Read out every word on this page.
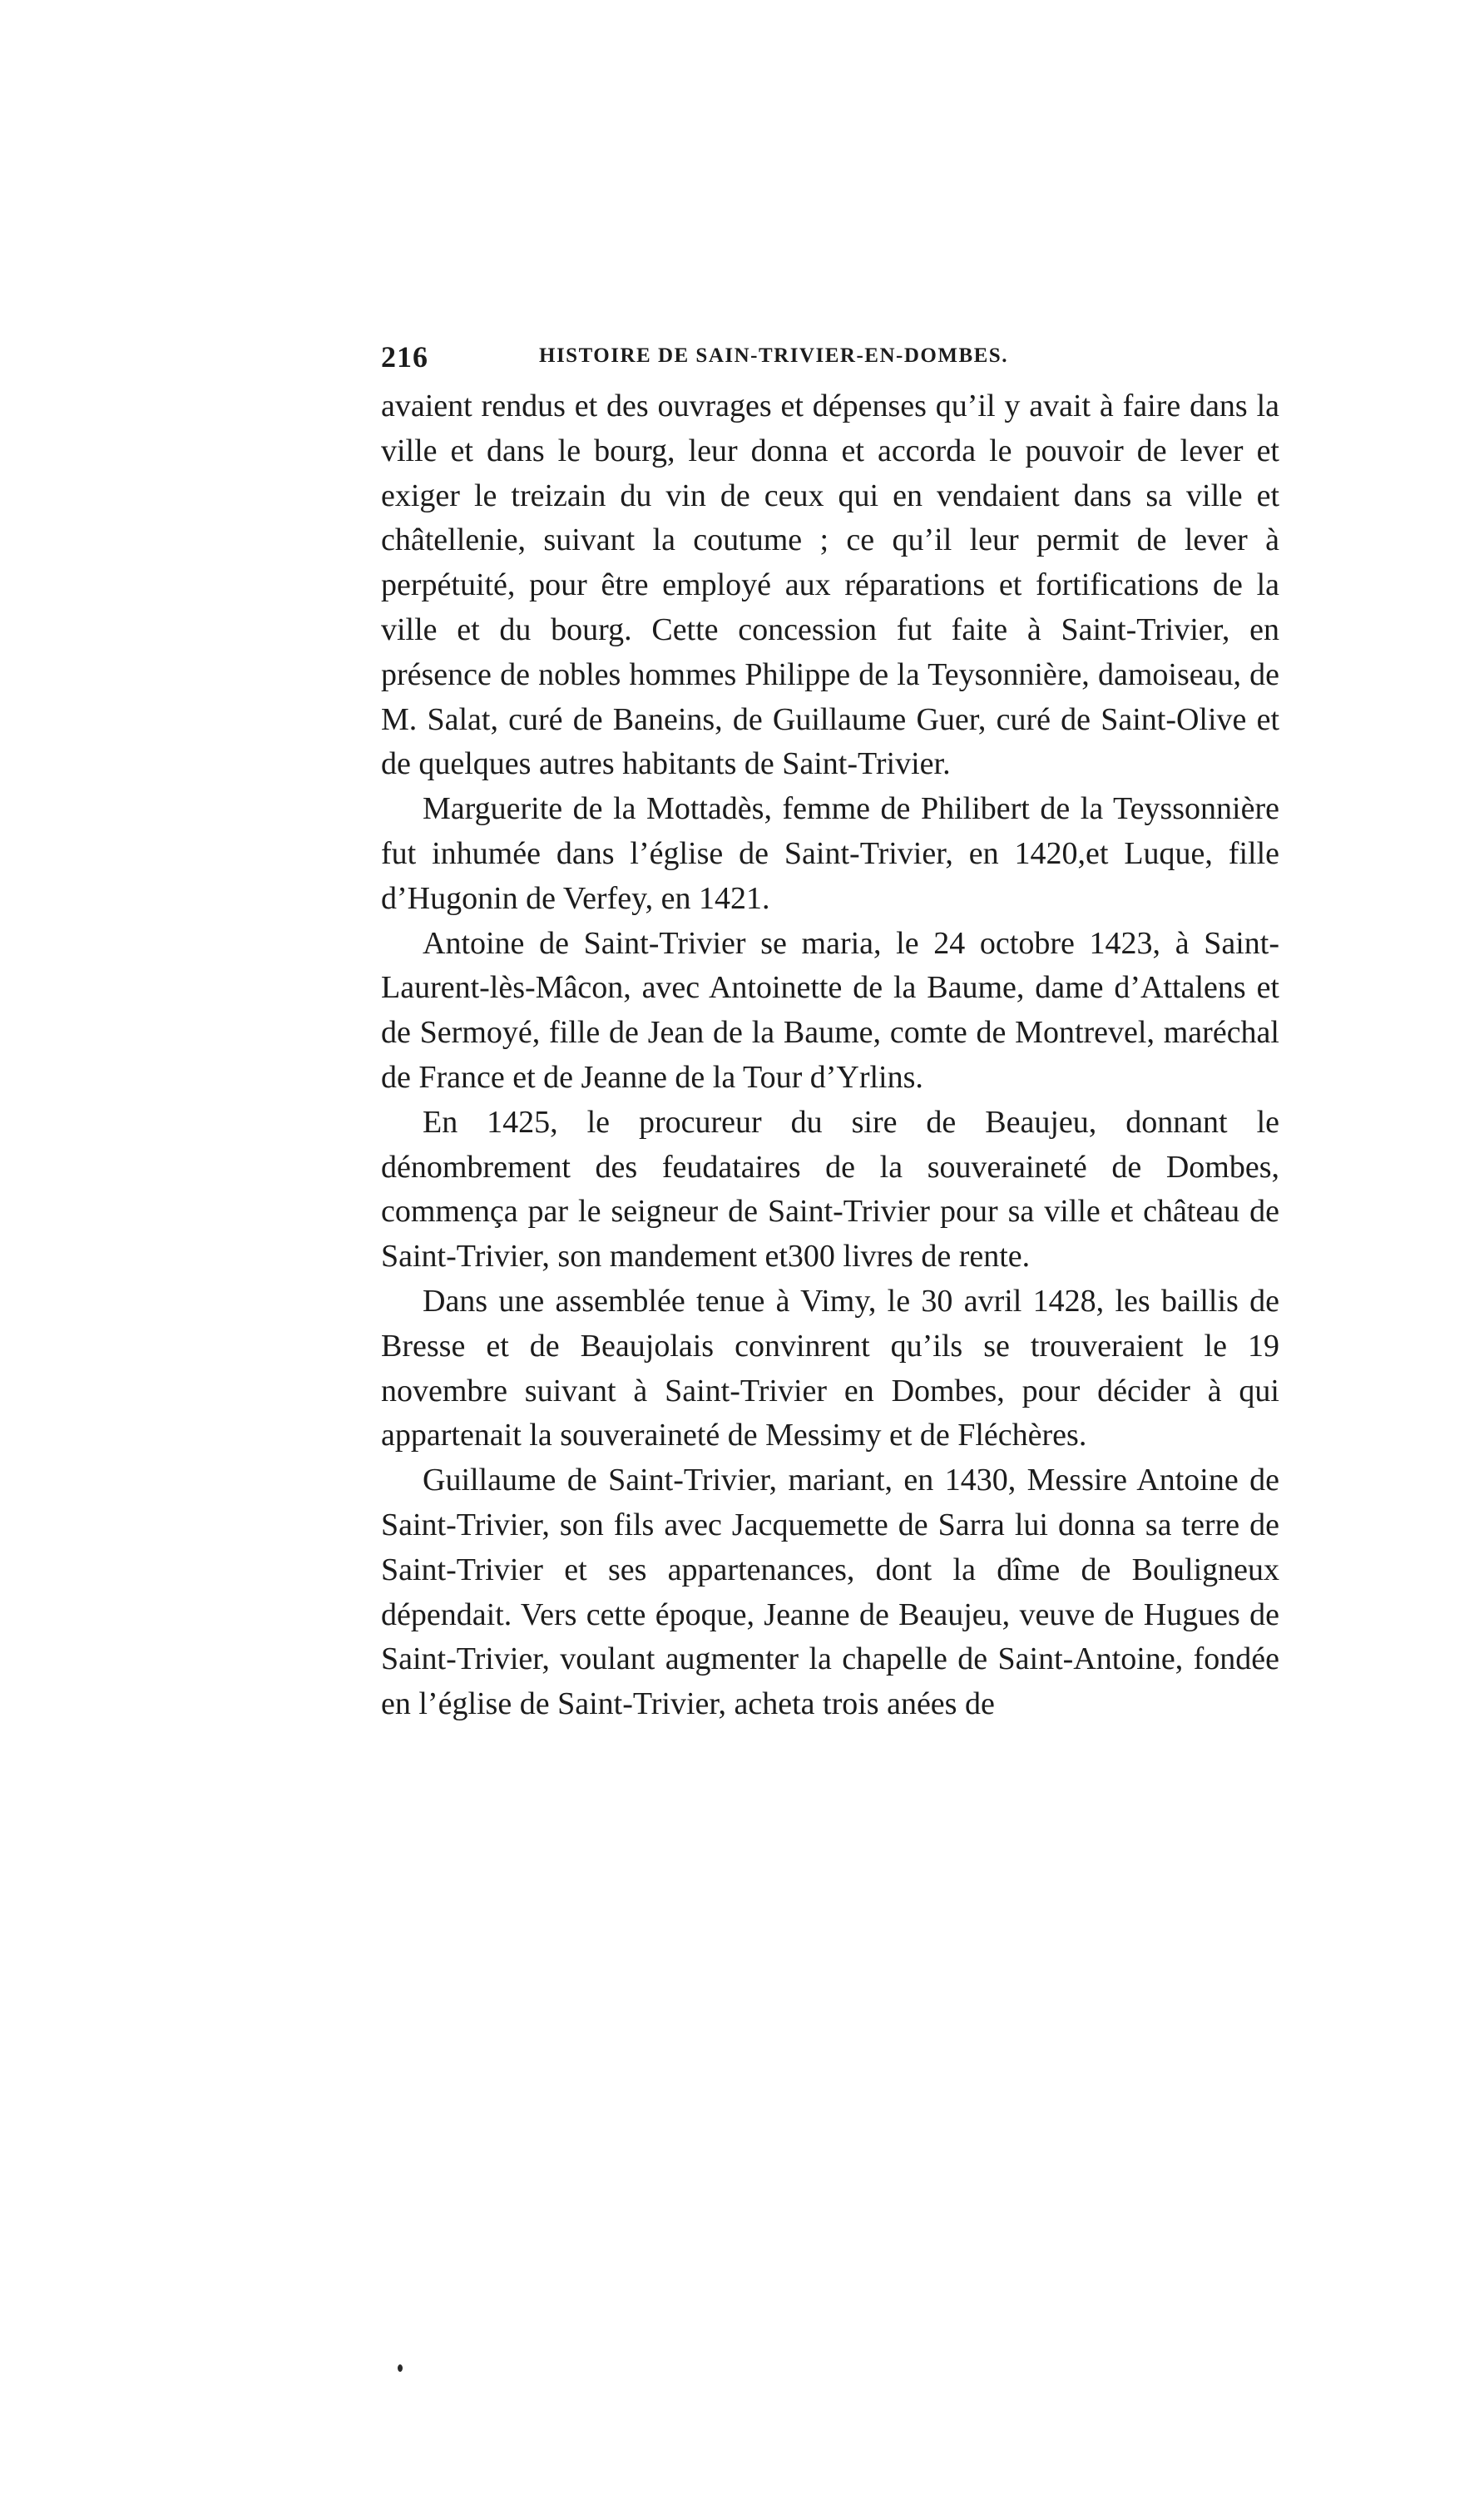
216	HISTOIRE DE SAIN-TRIVIER-EN-DOMBES.

avaient rendus et des ouvrages et dépenses qu’il y avait à faire dans la ville et dans le bourg, leur donna et accorda le pouvoir de lever et exiger le treizain du vin de ceux qui en vendaient dans sa ville et châtellenie, suivant la coutume ; ce qu’il leur permit de lever à perpétuité, pour être employé aux réparations et fortifications de la ville et du bourg. Cette concession fut faite à Saint-Trivier, en présence de nobles hommes Philippe de la Teysonnière, damoiseau, de M. Salat, curé de Baneins, de Guillaume Guer, curé de Saint-Olive et de quelques autres habitants de Saint-Trivier.

Marguerite de la Mottadès, femme de Philibert de la Teyssonnière fut inhumée dans l’église de Saint-Trivier, en 1420,et Luque, fille d’Hugonin de Verfey, en 1421.

Antoine de Saint-Trivier se maria, le 24 octobre 1423, à Saint-Laurent-lès-Mâcon, avec Antoinette de la Baume, dame d’Attalens et de Sermoyé, fille de Jean de la Baume, comte de Montrevel, maréchal de France et de Jeanne de la Tour d’Yrlins.

En 1425, le procureur du sire de Beaujeu, donnant le dénombrement des feudataires de la souveraineté de Dombes, commença par le seigneur de Saint-Trivier pour sa ville et château de Saint-Trivier, son mandement et300 livres de rente.

Dans une assemblée tenue à Vimy, le 30 avril 1428, les baillis de Bresse et de Beaujolais convinrent qu’ils se trouveraient le 19 novembre suivant à Saint-Trivier en Dombes, pour décider à qui appartenait la souveraineté de Messimy et de Fléchères.

Guillaume de Saint-Trivier, mariant, en 1430, Messire Antoine de Saint-Trivier, son fils avec Jacquemette de Sarra lui donna sa terre de Saint-Trivier et ses appartenances, dont la dîme de Bouligneux dépendait. Vers cette époque, Jeanne de Beaujeu, veuve de Hugues de Saint-Trivier, voulant augmenter la chapelle de Saint-Antoine, fondée en l’église de Saint-Trivier, acheta trois anées de
